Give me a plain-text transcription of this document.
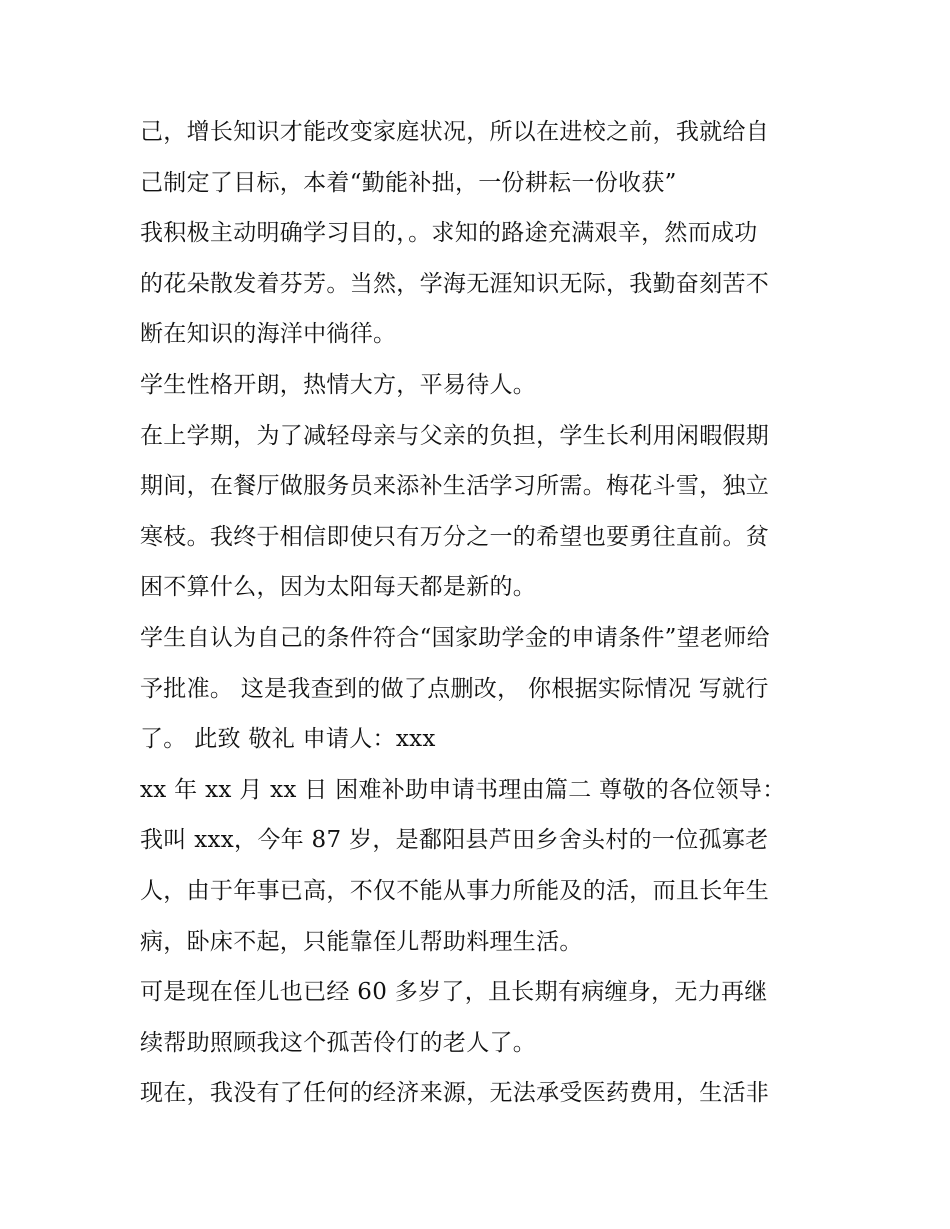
己，增长知识才能改变家庭状况，所以在进校之前，我就给自
己制定了目标，本着“勤能补拙，一份耕耘一份收获”
我积极主动明确学习目的，。求知的路途充满艰辛，然而成功
的花朵散发着芬芳。当然，学海无涯知识无际，我勤奋刻苦不
断在知识的海洋中徜徉。
学生性格开朗，热情大方，平易待人。
在上学期，为了减轻母亲与父亲的负担，学生长利用闲暇假期
期间，在餐厅做服务员来添补生活学习所需。梅花斗雪，独立
寒枝。我终于相信即使只有万分之一的希望也要勇往直前。贫
困不算什么，因为太阳每天都是新的。
学生自认为自己的条件符合“国家助学金的申请条件”望老师给
予批准。 这是我查到的做了点删改， 你根据实际情况 写就行
了。 此致 敬礼 申请人：xxx
xx 年 xx 月 xx 日 困难补助申请书理由篇二 尊敬的各位领导：
我叫 xxx，今年 87 岁，是鄱阳县芦田乡舍头村的一位孤寡老
人，由于年事已高，不仅不能从事力所能及的活，而且长年生
病，卧床不起，只能靠侄儿帮助料理生活。
可是现在侄儿也已经 60 多岁了，且长期有病缠身，无力再继
续帮助照顾我这个孤苦伶仃的老人了。
现在，我没有了任何的经济来源，无法承受医药费用，生活非
